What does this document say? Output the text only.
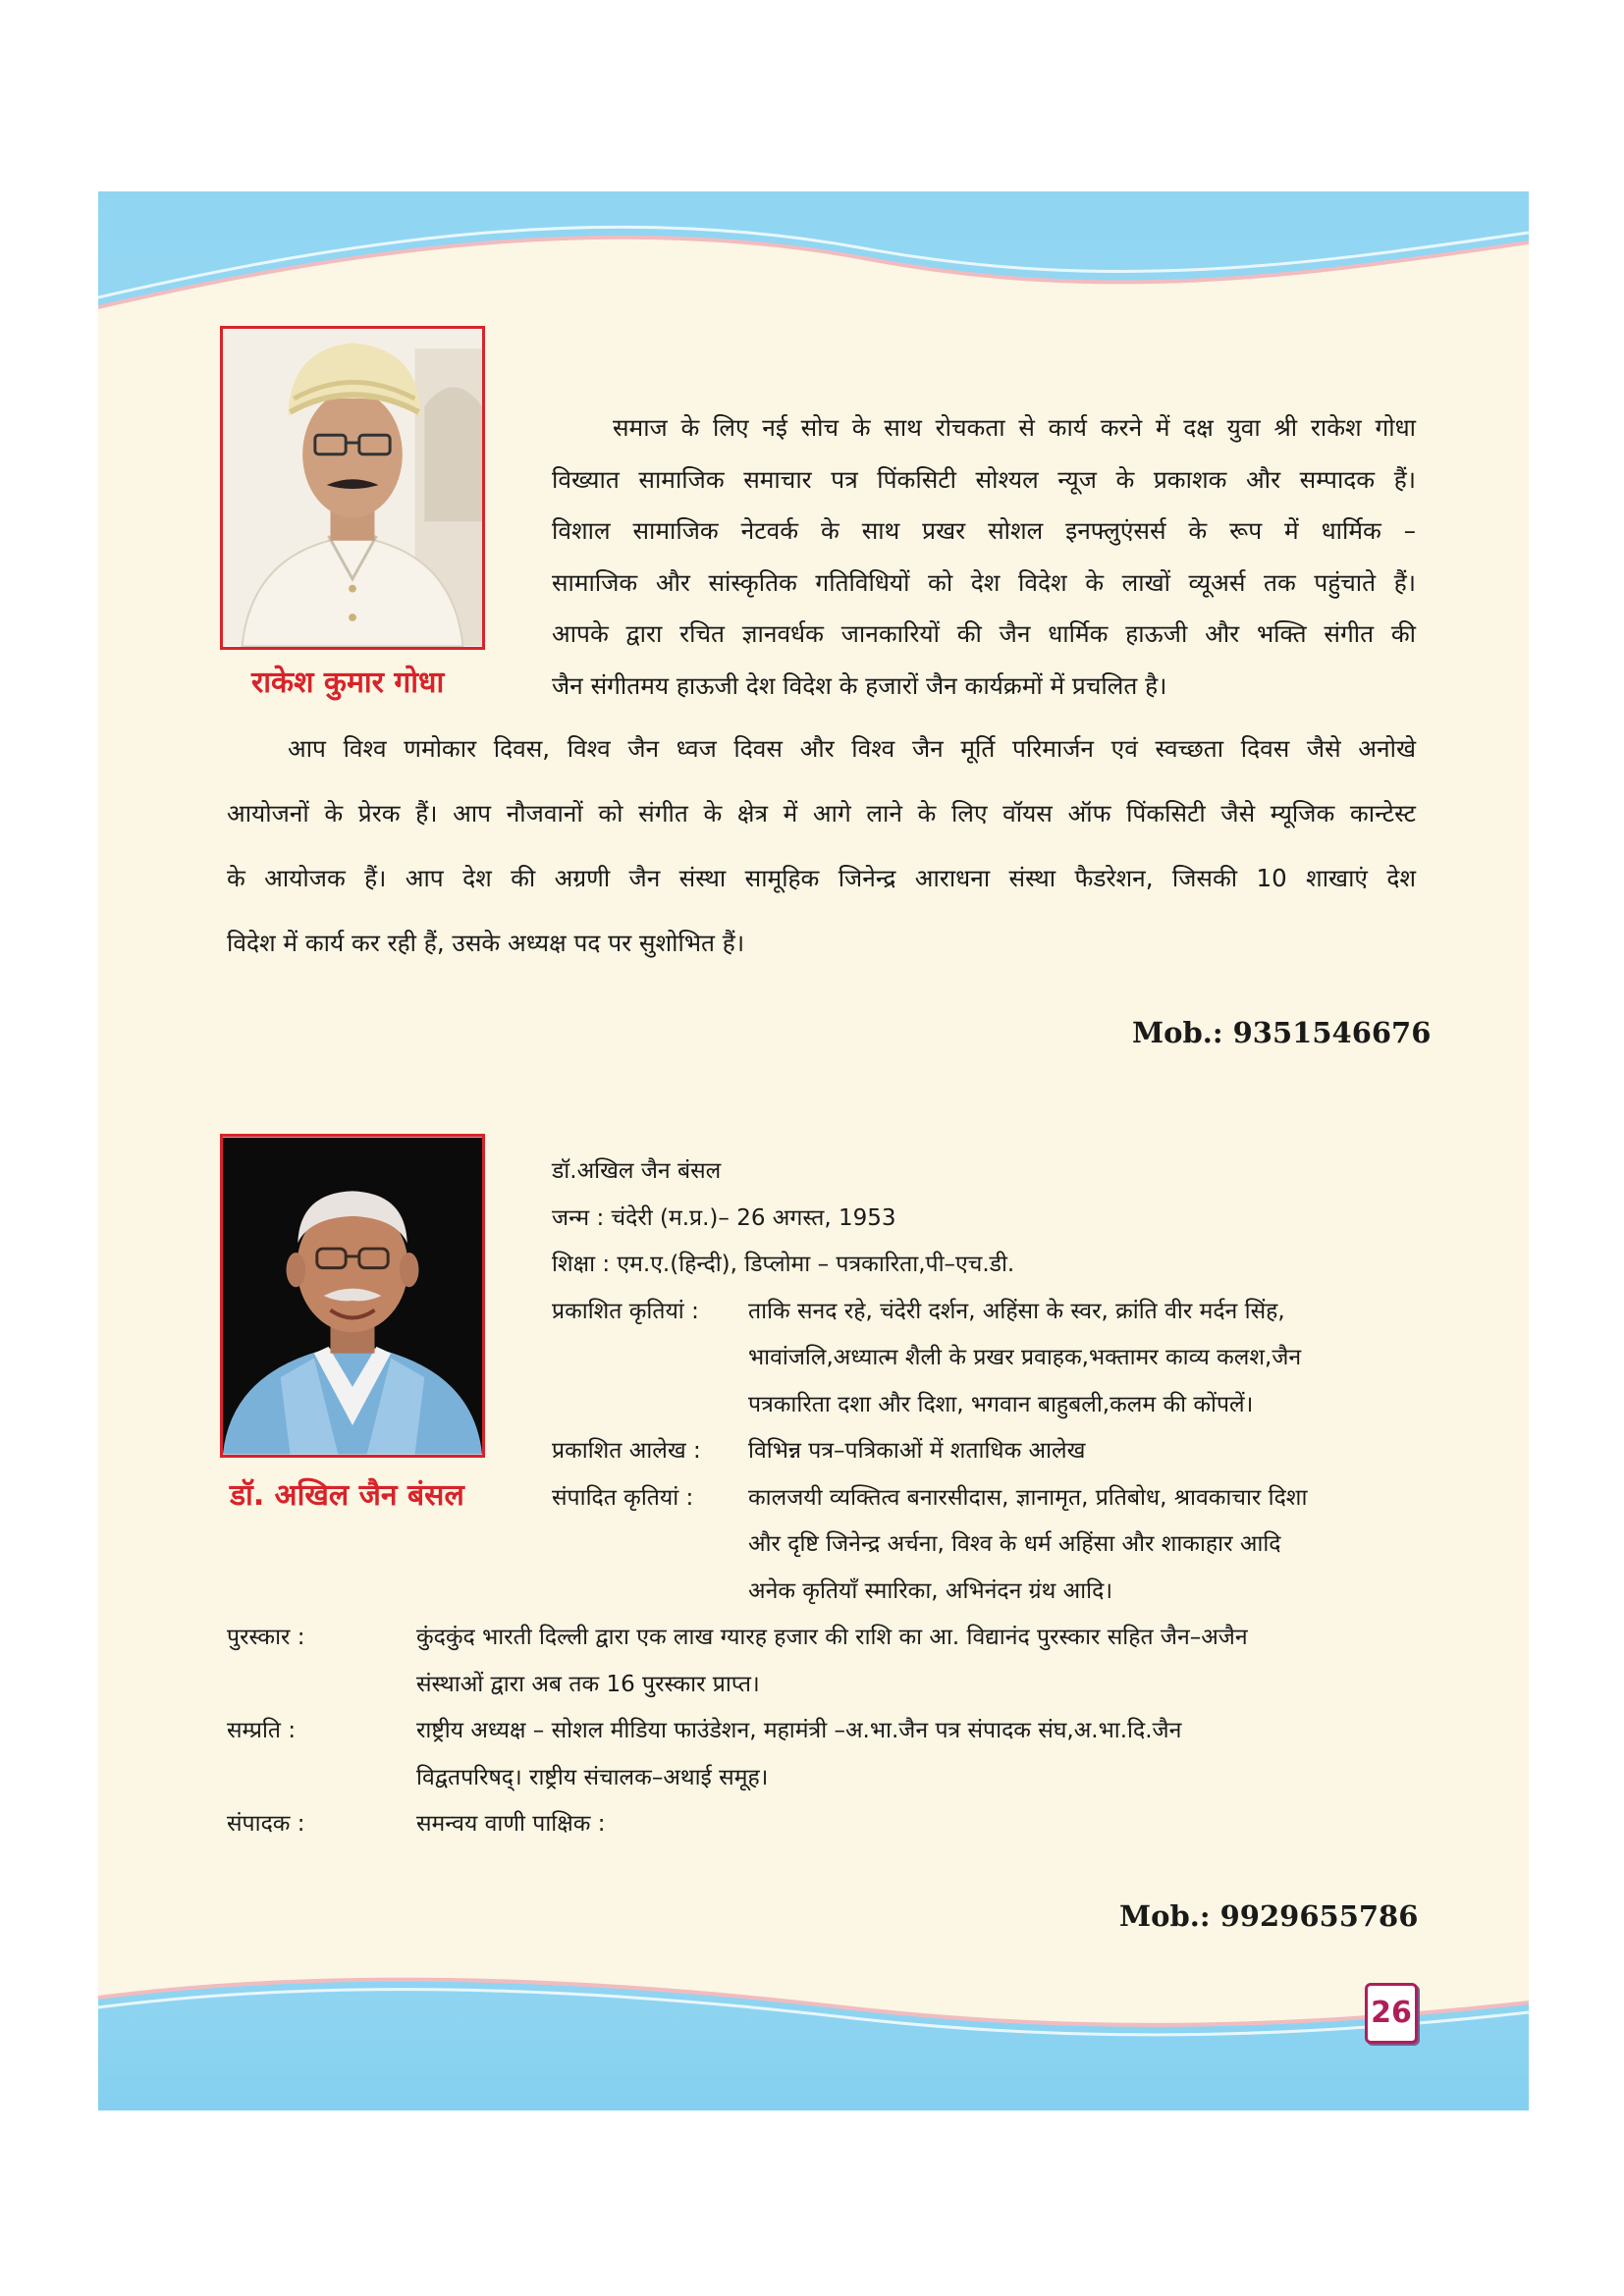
राकेश कुमार गोधा
समाज के लिए नई सोच के साथ रोचकता से कार्य करने में दक्ष युवा श्री राकेश गोधा
विख्यात सामाजिक समाचार पत्र पिंकसिटी सोश्यल न्यूज के प्रकाशक और सम्पादक हैं।
विशाल सामाजिक नेटवर्क के साथ प्रखर सोशल इनफ्लुएंसर्स के रूप में धार्मिक –
सामाजिक और सांस्कृतिक गतिविधियों को देश विदेश के लाखों व्यूअर्स तक पहुंचाते हैं।
आपके द्वारा रचित ज्ञानवर्धक जानकारियों की जैन धार्मिक हाऊजी और भक्ति संगीत की
जैन संगीतमय हाऊजी देश विदेश के हजारों जैन कार्यक्रमों में प्रचलित है।
आप विश्व णमोकार दिवस, विश्व जैन ध्वज दिवस और विश्व जैन मूर्ति परिमार्जन एवं स्वच्छता दिवस जैसे अनोखे
आयोजनों के प्रेरक हैं। आप नौजवानों को संगीत के क्षेत्र में आगे लाने के लिए वॉयस ऑफ पिंकसिटी जैसे म्यूजिक कान्टेस्ट
के आयोजक हैं। आप देश की अग्रणी जैन संस्था सामूहिक जिनेन्द्र आराधना संस्था फैडरेशन, जिसकी 10 शाखाएं देश
विदेश में कार्य कर रही हैं, उसके अध्यक्ष पद पर सुशोभित हैं।
Mob.: 9351546676
डॉ. अखिल जैन बंसल
डॉ.अखिल जैन बंसल
जन्म : चंदेरी (म.प्र.)– 26 अगस्त, 1953
शिक्षा : एम.ए.(हिन्दी), डिप्लोमा – पत्रकारिता,पी–एच.डी.
प्रकाशित कृतियां : ताकि सनद रहे, चंदेरी दर्शन, अहिंसा के स्वर, क्रांति वीर मर्दन सिंह,
भावांजलि,अध्यात्म शैली के प्रखर प्रवाहक,भक्तामर काव्य कलश,जैन
पत्रकारिता दशा और दिशा, भगवान बाहुबली,कलम की कोंपलें।
प्रकाशित आलेख : विभिन्न पत्र–पत्रिकाओं में शताधिक आलेख
संपादित कृतियां : कालजयी व्यक्तित्व बनारसीदास, ज्ञानामृत, प्रतिबोध, श्रावकाचार दिशा
और दृष्टि जिनेन्द्र अर्चना, विश्व के धर्म अहिंसा और शाकाहार आदि
अनेक कृतियाँ स्मारिका, अभिनंदन ग्रंथ आदि।
पुरस्कार :	कुंदकुंद भारती दिल्ली द्वारा एक लाख ग्यारह हजार की राशि का आ. विद्यानंद पुरस्कार सहित जैन–अजैन
संस्थाओं द्वारा अब तक 16 पुरस्कार प्राप्त।
सम्प्रति :	राष्ट्रीय अध्यक्ष – सोशल मीडिया फाउंडेशन, महामंत्री –अ.भा.जैन पत्र संपादक संघ,अ.भा.दि.जैन
विद्वतपरिषद्। राष्ट्रीय संचालक–अथाई समूह।
संपादक :	समन्वय वाणी पाक्षिक :
Mob.: 9929655786
26
